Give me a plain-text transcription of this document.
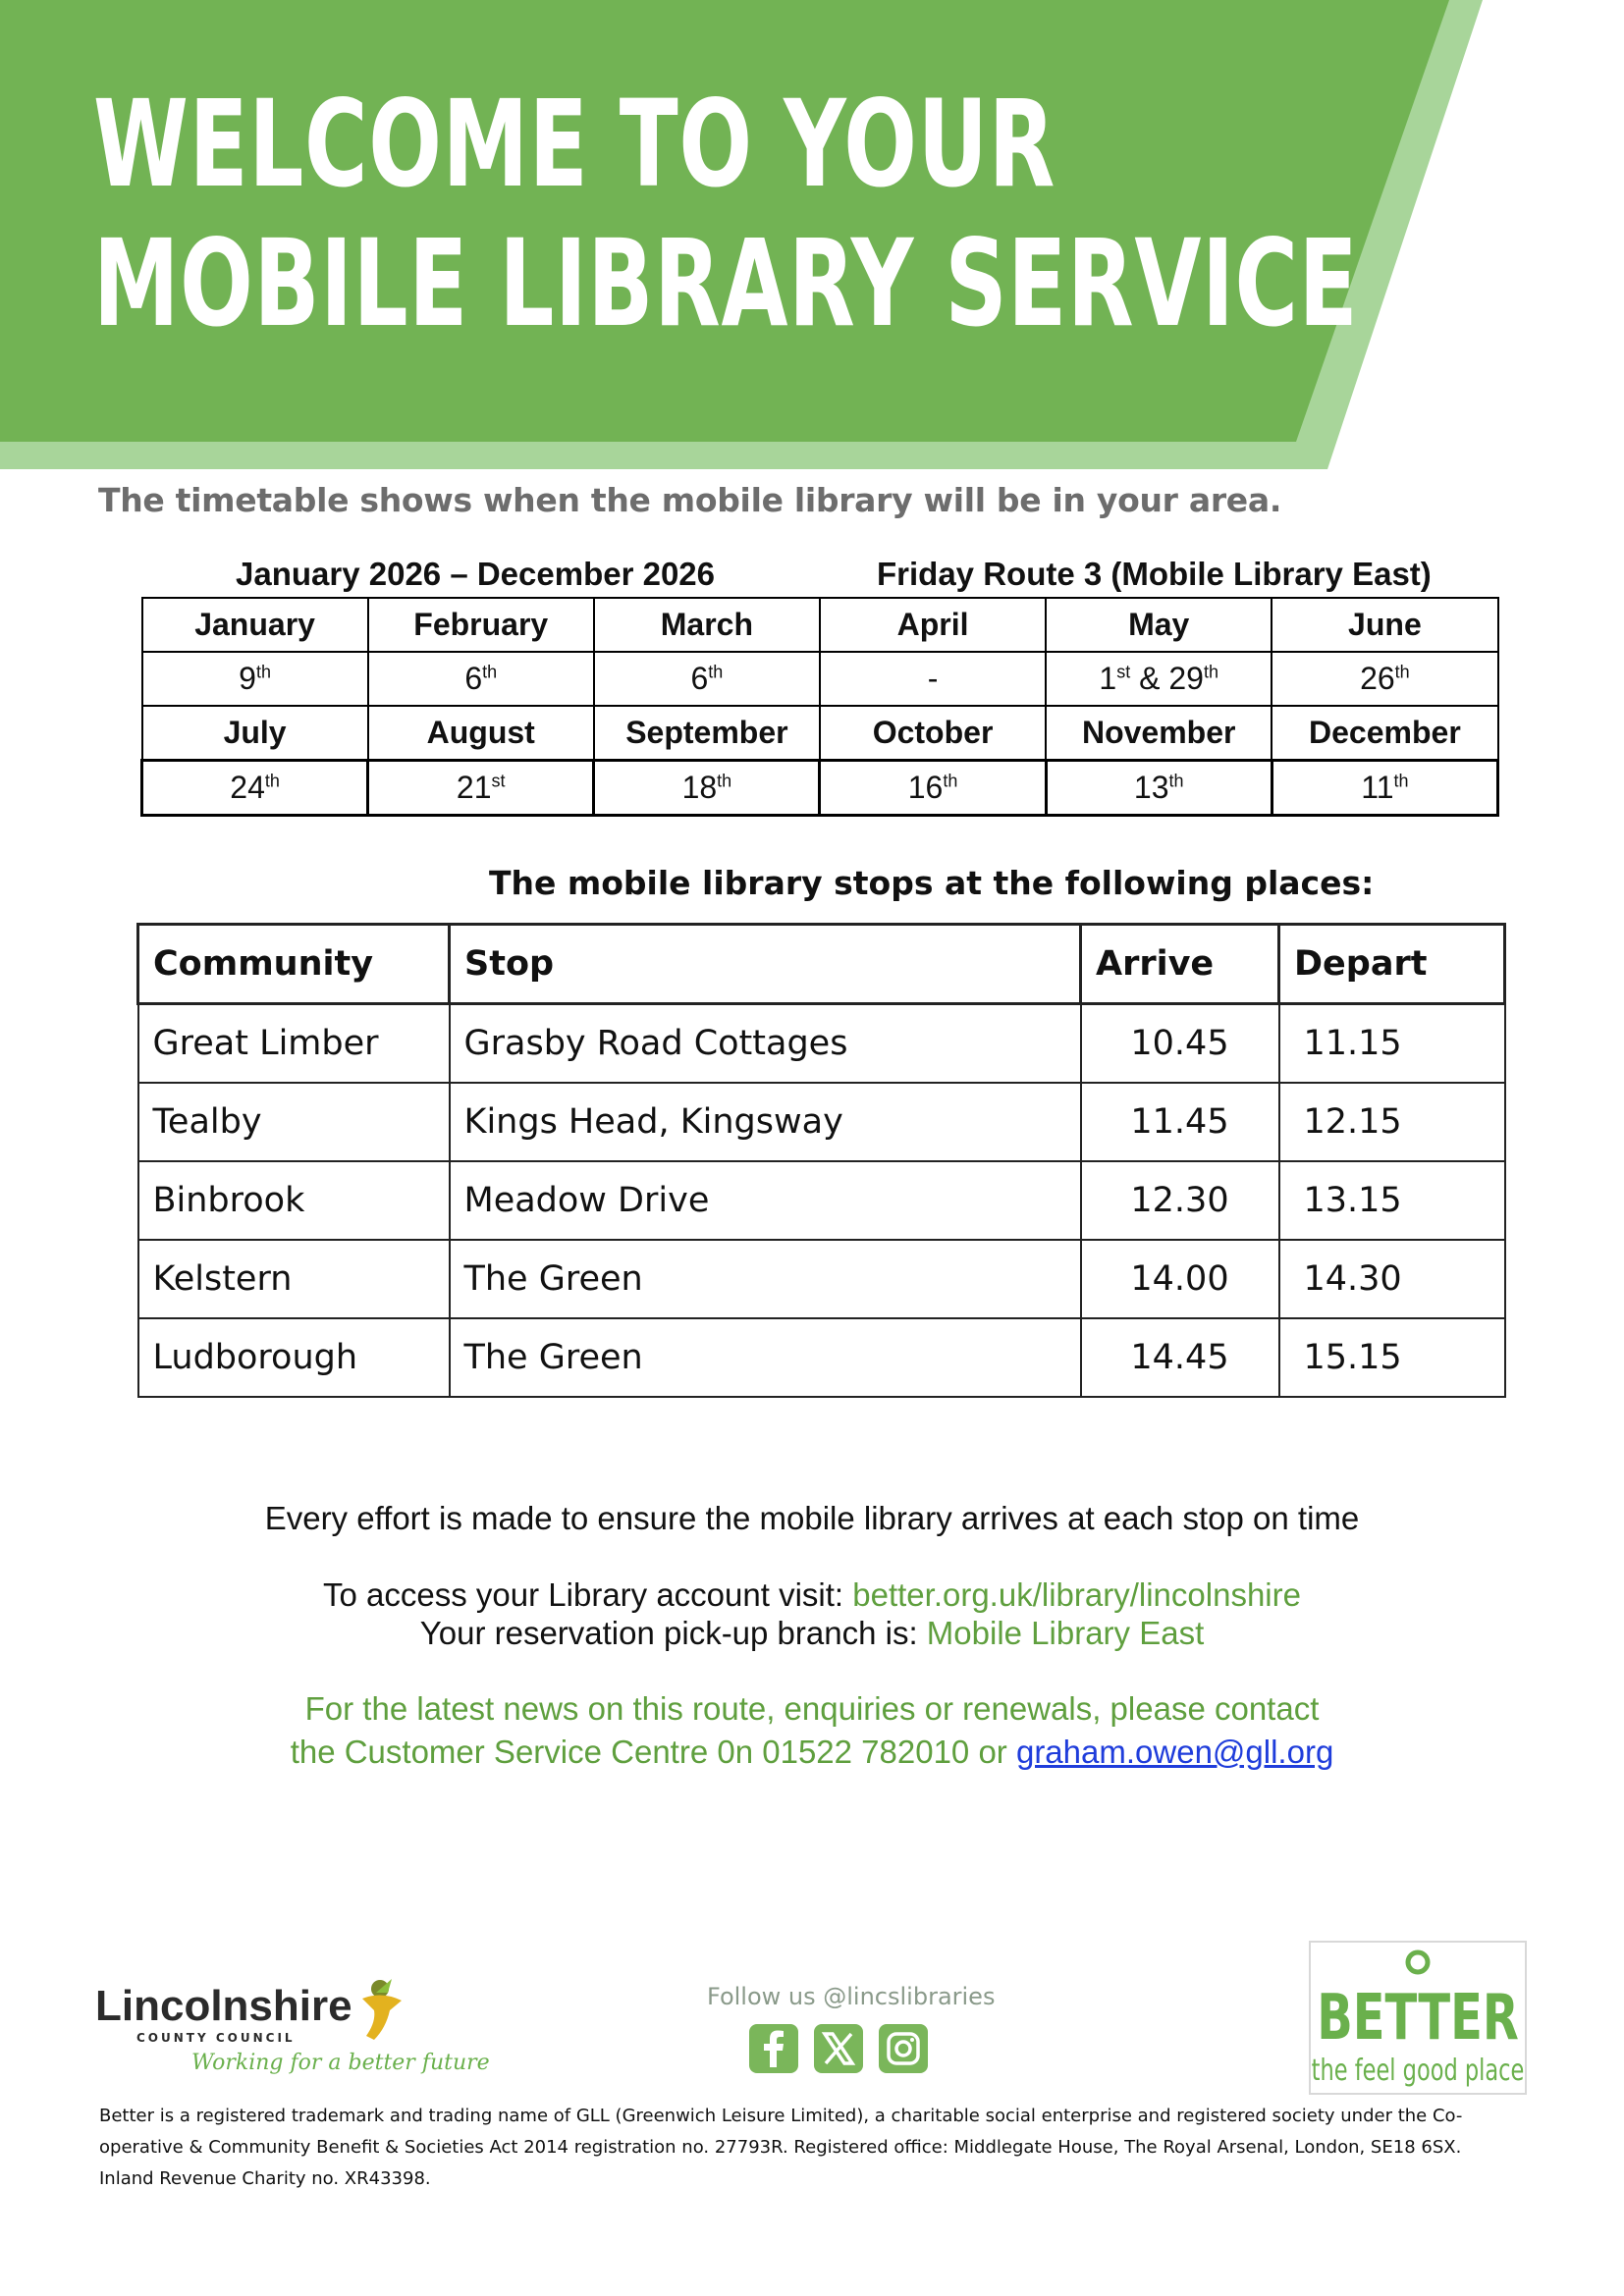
WELCOME TO YOUR
MOBILE LIBRARY SERVICE

The timetable shows when the mobile library will be in your area.

January 2026 – December 2026	Friday Route 3 (Mobile Library East)
January	February	March	April	May	June
9th	6th	6th	-	1st & 29th	26th
July	August	September	October	November	December
24th	21st	18th	16th	13th	11th
The mobile library stops at the following places:
Community	Stop	Arrive	Depart
Great Limber	Grasby Road Cottages	10.45	11.15
Tealby	Kings Head, Kingsway	11.45	12.15
Binbrook	Meadow Drive	12.30	13.15
Kelstern	The Green	14.00	14.30
Ludborough	The Green	14.45	15.15

Every effort is made to ensure the mobile library arrives at each stop on time

To access your Library account visit: better.org.uk/library/lincolnshire

Your reservation pick-up branch is: Mobile Library East

For the latest news on this route, enquiries or renewals, please contact

the Customer Service Centre 0n 01522 782010 or graham.owen@gll.org

Lincolnshire
COUNTY COUNCIL
Working for a better future
Follow us @lincslibraries	BETTER
the feel good place

Better is a registered trademark and trading name of GLL (Greenwich Leisure Limited), a charitable social enterprise and registered society under the Co-operative & Community Benefit & Societies Act 2014 registration no. 27793R. Registered office: Middlegate House, The Royal Arsenal, London, SE18 6SX. Inland Revenue Charity no. XR43398.
